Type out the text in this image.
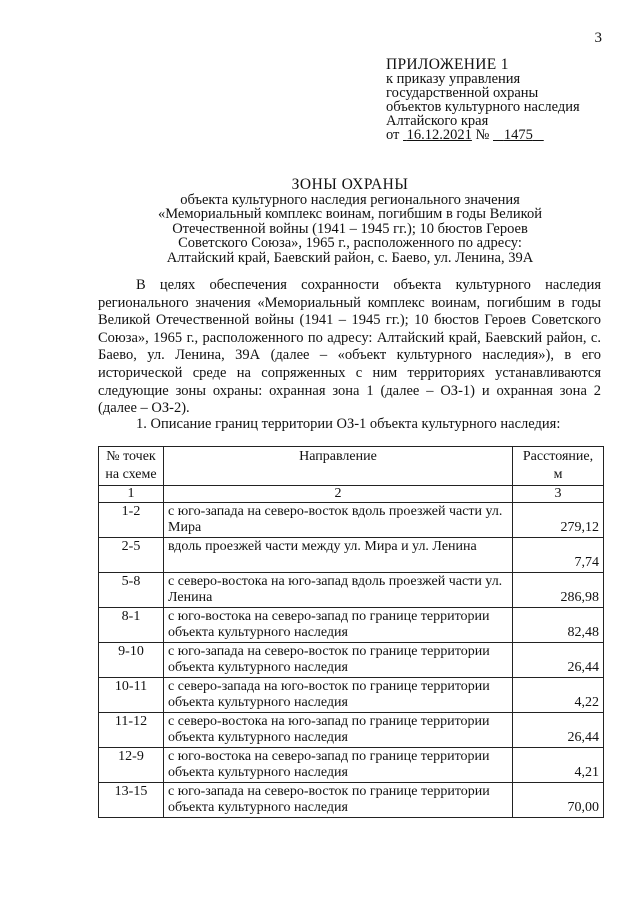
3
ПРИЛОЖЕНИЕ 1
к приказу управления
государственной охраны
объектов культурного наследия
Алтайского края
от 16.12.2021 № 1475
ЗОНЫ ОХРАНЫ
объекта культурного наследия регионального значения
«Мемориальный комплекс воинам, погибшим в годы Великой
Отечественной войны (1941 – 1945 гг.); 10 бюстов Героев
Советского Союза», 1965 г., расположенного по адресу:
Алтайский край, Баевский район, с. Баево, ул. Ленина, 39А

В целях обеспечения сохранности объекта культурного наследия регионального значения «Мемориальный комплекс воинам, погибшим в годы Великой Отечественной войны (1941 – 1945 гг.); 10 бюстов Героев Советского Союза», 1965 г., расположенного по адресу: Алтайский край, Баевский район, с. Баево, ул. Ленина, 39А (далее – «объект культурного наследия»), в его исторической среде на сопряженных с ним территориях устанавливаются следующие зоны охраны: охранная зона 1 (далее – ОЗ-1) и охранная зона 2 (далее – ОЗ-2).

1. Описание границ территории ОЗ-1 объекта культурного наследия:
№ точек на схеме	Направление	Расстояние, м
1	2	3
1-2	с юго-запада на северо-восток вдоль проезжей части ул. Мира	279,12
2-5	вдоль проезжей части между ул. Мира и ул. Ленина	7,74
5-8	с северо-востока на юго-запад вдоль проезжей части ул. Ленина	286,98
8-1	с юго-востока на северо-запад по границе территории объекта культурного наследия	82,48
9-10	с юго-запада на северо-восток по границе территории объекта культурного наследия	26,44
10-11	с северо-запада на юго-восток по границе территории объекта культурного наследия	4,22
11-12	с северо-востока на юго-запад по границе территории объекта культурного наследия	26,44
12-9	с юго-востока на северо-запад по границе территории объекта культурного наследия	4,21
13-15	с юго-запада на северо-восток по границе территории объекта культурного наследия	70,00
